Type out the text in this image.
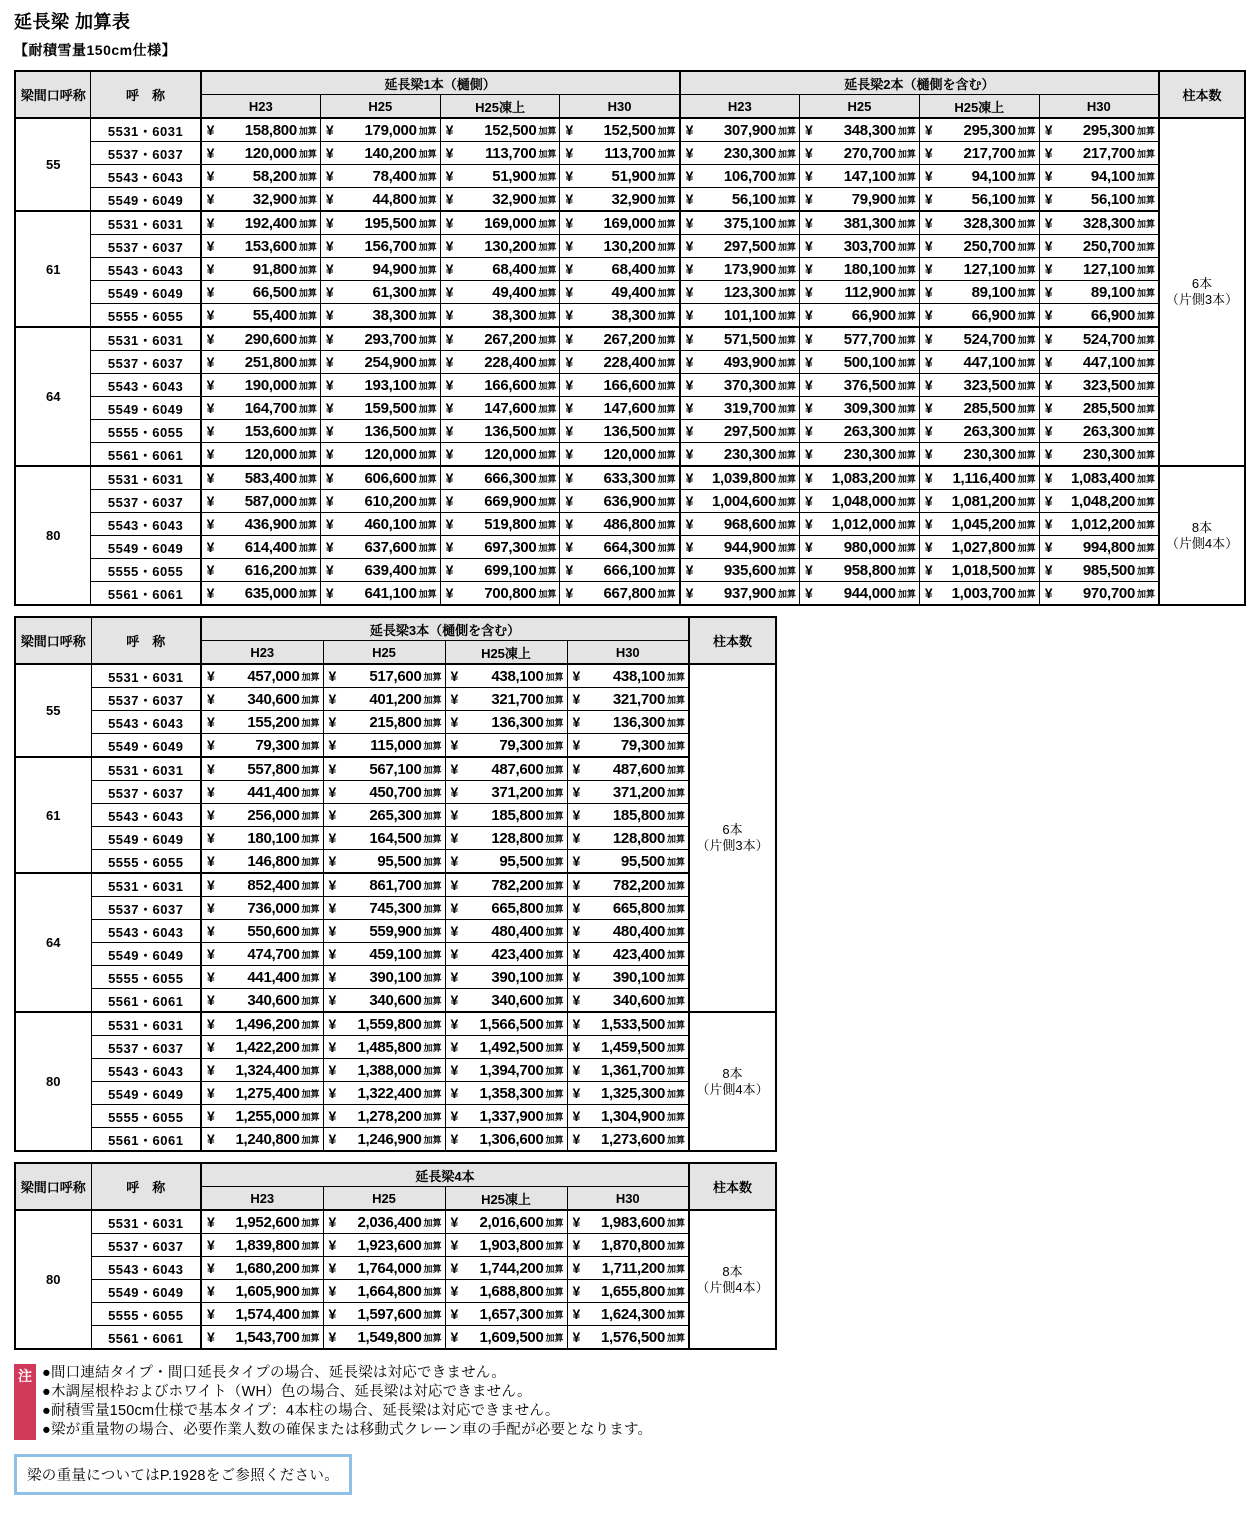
延長梁 加算表
【耐積雪量150cm仕様】
梁間口呼称	呼　称	延長梁1本（樋側）				延長梁2本（樋側を含む）				柱本数
		H23	H25	H25凍上	H30	H23	H25	H25凍上	H30	
55	5531・6031	¥ 158,800 加算	¥ 179,000 加算	¥ 152,500 加算	¥ 152,500 加算	¥ 307,900 加算	¥ 348,300 加算	¥ 295,300 加算	¥ 295,300 加算	6本
（片側3本）
	5537・6037	¥ 120,000 加算	¥ 140,200 加算	¥ 113,700 加算	¥ 113,700 加算	¥ 230,300 加算	¥ 270,700 加算	¥ 217,700 加算	¥ 217,700 加算	

	5543・6043	¥ 58,200 加算	¥ 78,400 加算	¥ 51,900 加算	¥ 51,900 加算	¥ 106,700 加算	¥ 147,100 加算	¥ 94,100 加算	¥ 94,100 加算	

	5549・6049	¥ 32,900 加算	¥ 44,800 加算	¥ 32,900 加算	¥ 32,900 加算	¥ 56,100 加算	¥ 79,900 加算	¥ 56,100 加算	¥ 56,100 加算	

61	5531・6031	¥ 192,400 加算	¥ 195,500 加算	¥ 169,000 加算	¥ 169,000 加算	¥ 375,100 加算	¥ 381,300 加算	¥ 328,300 加算	¥ 328,300 加算	

	5537・6037	¥ 153,600 加算	¥ 156,700 加算	¥ 130,200 加算	¥ 130,200 加算	¥ 297,500 加算	¥ 303,700 加算	¥ 250,700 加算	¥ 250,700 加算	

	5543・6043	¥ 91,800 加算	¥ 94,900 加算	¥ 68,400 加算	¥ 68,400 加算	¥ 173,900 加算	¥ 180,100 加算	¥ 127,100 加算	¥ 127,100 加算	

	5549・6049	¥ 66,500 加算	¥ 61,300 加算	¥ 49,400 加算	¥ 49,400 加算	¥ 123,300 加算	¥ 112,900 加算	¥ 89,100 加算	¥ 89,100 加算	

	5555・6055	¥ 55,400 加算	¥ 38,300 加算	¥ 38,300 加算	¥ 38,300 加算	¥ 101,100 加算	¥ 66,900 加算	¥ 66,900 加算	¥ 66,900 加算	

64	5531・6031	¥ 290,600 加算	¥ 293,700 加算	¥ 267,200 加算	¥ 267,200 加算	¥ 571,500 加算	¥ 577,700 加算	¥ 524,700 加算	¥ 524,700 加算	

	5537・6037	¥ 251,800 加算	¥ 254,900 加算	¥ 228,400 加算	¥ 228,400 加算	¥ 493,900 加算	¥ 500,100 加算	¥ 447,100 加算	¥ 447,100 加算	

	5543・6043	¥ 190,000 加算	¥ 193,100 加算	¥ 166,600 加算	¥ 166,600 加算	¥ 370,300 加算	¥ 376,500 加算	¥ 323,500 加算	¥ 323,500 加算	

	5549・6049	¥ 164,700 加算	¥ 159,500 加算	¥ 147,600 加算	¥ 147,600 加算	¥ 319,700 加算	¥ 309,300 加算	¥ 285,500 加算	¥ 285,500 加算	

	5555・6055	¥ 153,600 加算	¥ 136,500 加算	¥ 136,500 加算	¥ 136,500 加算	¥ 297,500 加算	¥ 263,300 加算	¥ 263,300 加算	¥ 263,300 加算	

	5561・6061	¥ 120,000 加算	¥ 120,000 加算	¥ 120,000 加算	¥ 120,000 加算	¥ 230,300 加算	¥ 230,300 加算	¥ 230,300 加算	¥ 230,300 加算	

80	5531・6031	¥ 583,400 加算	¥ 606,600 加算	¥ 666,300 加算	¥ 633,300 加算	¥ 1,039,800 加算	¥ 1,083,200 加算	¥ 1,116,400 加算	¥ 1,083,400 加算	8本
（片側4本）
	5537・6037	¥ 587,000 加算	¥ 610,200 加算	¥ 669,900 加算	¥ 636,900 加算	¥ 1,004,600 加算	¥ 1,048,000 加算	¥ 1,081,200 加算	¥ 1,048,200 加算	

	5543・6043	¥ 436,900 加算	¥ 460,100 加算	¥ 519,800 加算	¥ 486,800 加算	¥ 968,600 加算	¥ 1,012,000 加算	¥ 1,045,200 加算	¥ 1,012,200 加算	

	5549・6049	¥ 614,400 加算	¥ 637,600 加算	¥ 697,300 加算	¥ 664,300 加算	¥ 944,900 加算	¥ 980,000 加算	¥ 1,027,800 加算	¥ 994,800 加算	

	5555・6055	¥ 616,200 加算	¥ 639,400 加算	¥ 699,100 加算	¥ 666,100 加算	¥ 935,600 加算	¥ 958,800 加算	¥ 1,018,500 加算	¥ 985,500 加算	

	5561・6061	¥ 635,000 加算	¥ 641,100 加算	¥ 700,800 加算	¥ 667,800 加算	¥ 937,900 加算	¥ 944,000 加算	¥ 1,003,700 加算	¥ 970,700 加算	
梁間口呼称	呼　称	延長梁3本（樋側を含む）				柱本数
		H23	H25	H25凍上	H30	
55	5531・6031	¥ 457,000 加算	¥ 517,600 加算	¥ 438,100 加算	¥ 438,100 加算	6本
（片側3本）
	5537・6037	¥ 340,600 加算	¥ 401,200 加算	¥ 321,700 加算	¥ 321,700 加算	

	5543・6043	¥ 155,200 加算	¥ 215,800 加算	¥ 136,300 加算	¥ 136,300 加算	

	5549・6049	¥ 79,300 加算	¥ 115,000 加算	¥ 79,300 加算	¥ 79,300 加算	

61	5531・6031	¥ 557,800 加算	¥ 567,100 加算	¥ 487,600 加算	¥ 487,600 加算	

	5537・6037	¥ 441,400 加算	¥ 450,700 加算	¥ 371,200 加算	¥ 371,200 加算	

	5543・6043	¥ 256,000 加算	¥ 265,300 加算	¥ 185,800 加算	¥ 185,800 加算	

	5549・6049	¥ 180,100 加算	¥ 164,500 加算	¥ 128,800 加算	¥ 128,800 加算	

	5555・6055	¥ 146,800 加算	¥ 95,500 加算	¥ 95,500 加算	¥ 95,500 加算	

64	5531・6031	¥ 852,400 加算	¥ 861,700 加算	¥ 782,200 加算	¥ 782,200 加算	

	5537・6037	¥ 736,000 加算	¥ 745,300 加算	¥ 665,800 加算	¥ 665,800 加算	

	5543・6043	¥ 550,600 加算	¥ 559,900 加算	¥ 480,400 加算	¥ 480,400 加算	

	5549・6049	¥ 474,700 加算	¥ 459,100 加算	¥ 423,400 加算	¥ 423,400 加算	

	5555・6055	¥ 441,400 加算	¥ 390,100 加算	¥ 390,100 加算	¥ 390,100 加算	

	5561・6061	¥ 340,600 加算	¥ 340,600 加算	¥ 340,600 加算	¥ 340,600 加算	

80	5531・6031	¥ 1,496,200 加算	¥ 1,559,800 加算	¥ 1,566,500 加算	¥ 1,533,500 加算	8本
（片側4本）
	5537・6037	¥ 1,422,200 加算	¥ 1,485,800 加算	¥ 1,492,500 加算	¥ 1,459,500 加算	

	5543・6043	¥ 1,324,400 加算	¥ 1,388,000 加算	¥ 1,394,700 加算	¥ 1,361,700 加算	

	5549・6049	¥ 1,275,400 加算	¥ 1,322,400 加算	¥ 1,358,300 加算	¥ 1,325,300 加算	

	5555・6055	¥ 1,255,000 加算	¥ 1,278,200 加算	¥ 1,337,900 加算	¥ 1,304,900 加算	

	5561・6061	¥ 1,240,800 加算	¥ 1,246,900 加算	¥ 1,306,600 加算	¥ 1,273,600 加算	
梁間口呼称	呼　称	延長梁4本				柱本数
		H23	H25	H25凍上	H30	
80	5531・6031	¥ 1,952,600 加算	¥ 2,036,400 加算	¥ 2,016,600 加算	¥ 1,983,600 加算	8本
（片側4本）
	5537・6037	¥ 1,839,800 加算	¥ 1,923,600 加算	¥ 1,903,800 加算	¥ 1,870,800 加算	

	5543・6043	¥ 1,680,200 加算	¥ 1,764,000 加算	¥ 1,744,200 加算	¥ 1,711,200 加算	

	5549・6049	¥ 1,605,900 加算	¥ 1,664,800 加算	¥ 1,688,800 加算	¥ 1,655,800 加算	

	5555・6055	¥ 1,574,400 加算	¥ 1,597,600 加算	¥ 1,657,300 加算	¥ 1,624,300 加算	

	5561・6061	¥ 1,543,700 加算	¥ 1,549,800 加算	¥ 1,609,500 加算	¥ 1,576,500 加算	
注 ●間口連結タイプ・間口延長タイプの場合、延長梁は対応できません。
●木調屋根枠およびホワイト（WH）色の場合、延長梁は対応できません。
●耐積雪量150cm仕様で基本タイプ：4本柱の場合、延長梁は対応できません。
●梁が重量物の場合、必要作業人数の確保または移動式クレーン車の手配が必要となります。
梁の重量についてはP.1928をご参照ください。
